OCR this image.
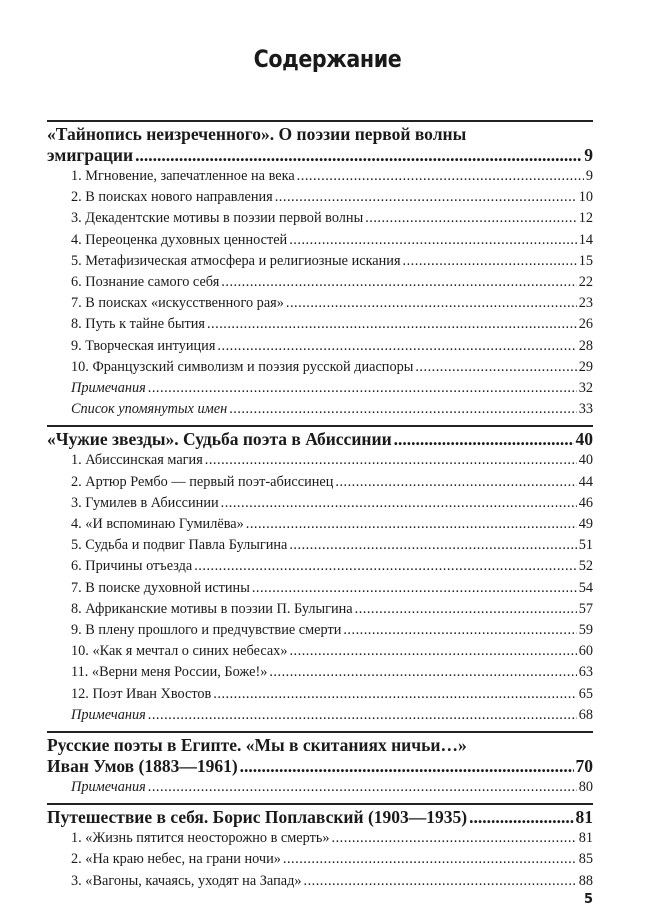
Содержание
«Тайнопись неизреченного». О поэзии первой волны
эмиграции .....	9
1. Мгновение, запечатленное на века .....	9
2. В поисках нового направления .....	10
3. Декадентские мотивы в поэзии первой волны .....	12
4. Переоценка духовных ценностей .....	14
5. Метафизическая атмосфера и религиозные искания .....	15
6. Познание самого себя .....	22
7. В поисках «искусственного рая» .....	23
8. Путь к тайне бытия .....	26
9. Творческая интуиция .....	28
10. Французский символизм и поэзия русской диаспоры .....	29
Примечания .....	32
Список упомянутых имен .....	33
«Чужие звезды». Судьба поэта в Абиссинии .....	40
1. Абиссинская магия .....	40
2. Артюр Рембо — первый поэт-абиссинец .....	44
3. Гумилев в Абиссинии .....	46
4. «И вспоминаю Гумилёва» .....	49
5. Судьба и подвиг Павла Булыгина .....	51
6. Причины отъезда .....	52
7. В поиске духовной истины .....	54
8. Африканские мотивы в поэзии П. Булыгина .....	57
9. В плену прошлого и предчувствие смерти .....	59
10. «Как я мечтал о синих небесах» .....	60
11. «Верни меня России, Боже!» .....	63
12. Поэт Иван Хвостов .....	65
Примечания .....	68
Русские поэты в Египте. «Мы в скитаниях ничьи…»
Иван Умов (1883—1961) .....	70
Примечания .....	80
Путешествие в себя. Борис Поплавский (1903—1935) .....	81
1. «Жизнь пятится неосторожно в смерть» .....	81
2. «На краю небес, на грани ночи» .....	85
3. «Вагоны, качаясь, уходят на Запад» .....	88
5
